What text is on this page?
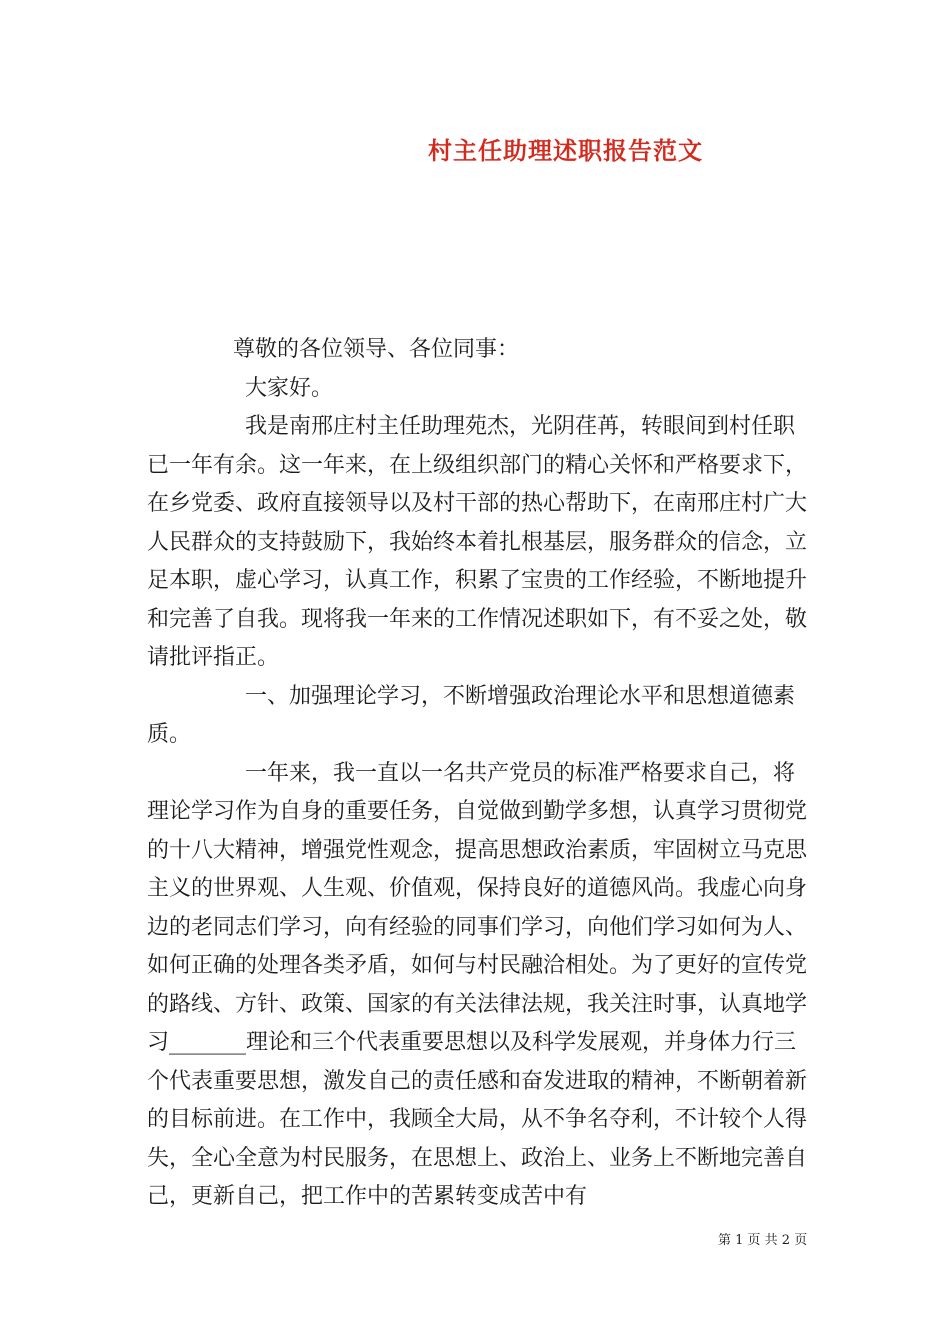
村主任助理述职报告范文

尊敬的各位领导、各位同事：

大家好。

我是南邢庄村主任助理苑杰，光阴荏苒，转眼间到村任职已一年有余。这一年来，在上级组织部门的精心关怀和严格要求下，在乡党委、政府直接领导以及村干部的热心帮助下，在南邢庄村广大人民群众的支持鼓励下，我始终本着扎根基层，服务群众的信念，立足本职，虚心学习，认真工作，积累了宝贵的工作经验，不断地提升和完善了自我。现将我一年来的工作情况述职如下，有不妥之处，敬请批评指正。

一、加强理论学习，不断增强政治理论水平和思想道德素质。

一年来，我一直以一名共产党员的标准严格要求自己，将理论学习作为自身的重要任务，自觉做到勤学多想，认真学习贯彻党的十八大精神，增强党性观念，提高思想政治素质，牢固树立马克思主义的世界观、人生观、价值观，保持良好的道德风尚。我虚心向身边的老同志们学习，向有经验的同事们学习，向他们学习如何为人、如何正确的处理各类矛盾，如何与村民融洽相处。为了更好的宣传党的路线、方针、政策、国家的有关法律法规，我关注时事，认真地学习_______理论和三个代表重要思想以及科学发展观，并身体力行三个代表重要思想，激发自己的责任感和奋发进取的精神，不断朝着新的目标前进。在工作中，我顾全大局，从不争名夺利，不计较个人得失，全心全意为村民服务，在思想上、政治上、业务上不断地完善自己，更新自己，把工作中的苦累转变成苦中有

第 1 页 共 2 页
